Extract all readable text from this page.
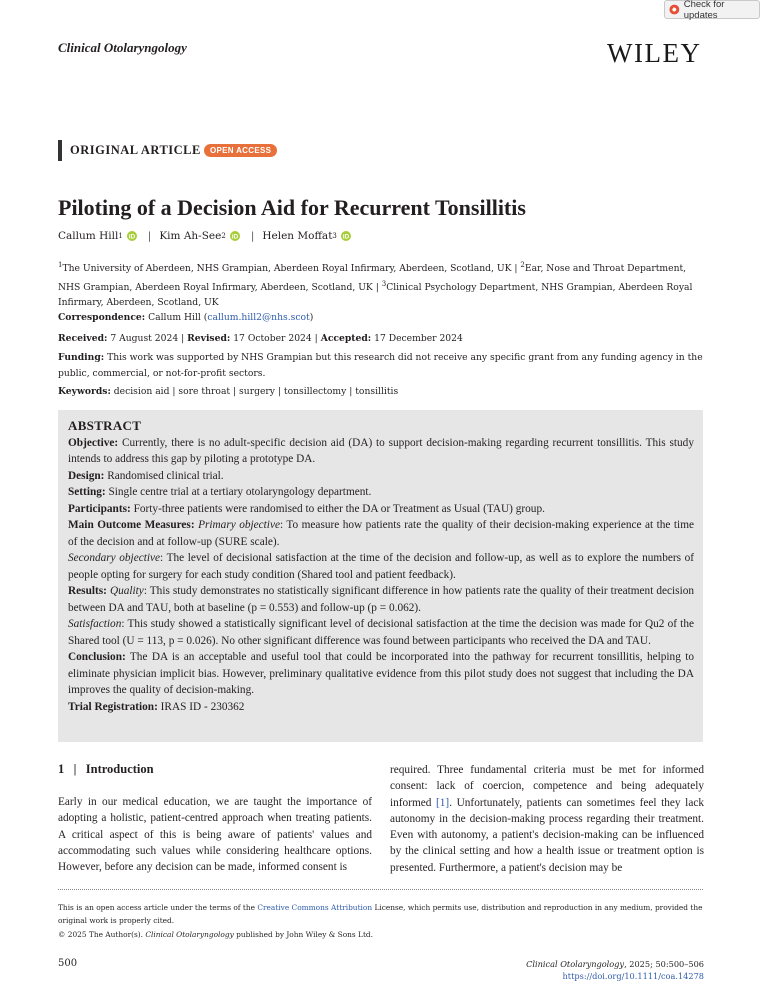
Check for updates
Clinical Otolaryngology	WILEY
ORIGINAL ARTICLE	OPEN ACCESS
Piloting of a Decision Aid for Recurrent Tonsillitis
Callum Hill 1 iD | Kim Ah-See 2 iD | Helen Moffat 3 iD
$^1$The University of Aberdeen, NHS Grampian, Aberdeen Royal Infirmary, Aberdeen, Scotland, UK | $^2$Ear, Nose and Throat Department, NHS Grampian, Aberdeen Royal Infirmary, Aberdeen, Scotland, UK | $^3$Clinical Psychology Department, NHS Grampian, Aberdeen Royal Infirmary, Aberdeen, Scotland, UK
Correspondence: Callum Hill (callum.hill2@nhs.scot)
Received: 7 August 2024 | Revised: 17 October 2024 | Accepted: 17 December 2024
Funding: This work was supported by NHS Grampian but this research did not receive any specific grant from any funding agency in the public, commercial, or not-for-profit sectors.
Keywords: decision aid | sore throat | surgery | tonsillectomy | tonsillitis
ABSTRACT

Objective: Currently, there is no adult-specific decision aid (DA) to support decision-making regarding recurrent tonsillitis. This study intends to address this gap by piloting a prototype DA.

Design: Randomised clinical trial.

Setting: Single centre trial at a tertiary otolaryngology department.

Participants: Forty-three patients were randomised to either the DA or Treatment as Usual (TAU) group.

Main Outcome Measures: Primary objective: To measure how patients rate the quality of their decision-making experience at the time of the decision and at follow-up (SURE scale).

Secondary objective: The level of decisional satisfaction at the time of the decision and follow-up, as well as to explore the numbers of people opting for surgery for each study condition (Shared tool and patient feedback).

Results: Quality: This study demonstrates no statistically significant difference in how patients rate the quality of their treatment decision between DA and TAU, both at baseline (p = 0.553) and follow-up (p = 0.062).

Satisfaction: This study showed a statistically significant level of decisional satisfaction at the time the decision was made for Qu2 of the Shared tool (U = 113, p = 0.026). No other significant difference was found between participants who received the DA and TAU.

Conclusion: The DA is an acceptable and useful tool that could be incorporated into the pathway for recurrent tonsillitis, helping to eliminate physician implicit bias. However, preliminary qualitative evidence from this pilot study does not suggest that including the DA improves the quality of decision-making.

Trial Registration: IRAS ID - 230362

1   |   Introduction
Early in our medical education, we are taught the importance of adopting a holistic, patient-centred approach when treating patients. A critical aspect of this is being aware of patients' values and accommodating such values while considering healthcare options. However, before any decision can be made, informed consent is
required. Three fundamental criteria must be met for informed consent: lack of coercion, competence and being adequately informed [1]. Unfortunately, patients can sometimes feel they lack autonomy in the decision-making process regarding their treatment. Even with autonomy, a patient's decision-making can be influenced by the clinical setting and how a health issue or treatment option is presented. Furthermore, a patient's decision may be
This is an open access article under the terms of the Creative Commons Attribution License, which permits use, distribution and reproduction in any medium, provided the original work is properly cited.
© 2025 The Author(s). Clinical Otolaryngology published by John Wiley & Sons Ltd.
500	Clinical Otolaryngology, 2025; 50:500–506
https://doi.org/10.1111/coa.14278
